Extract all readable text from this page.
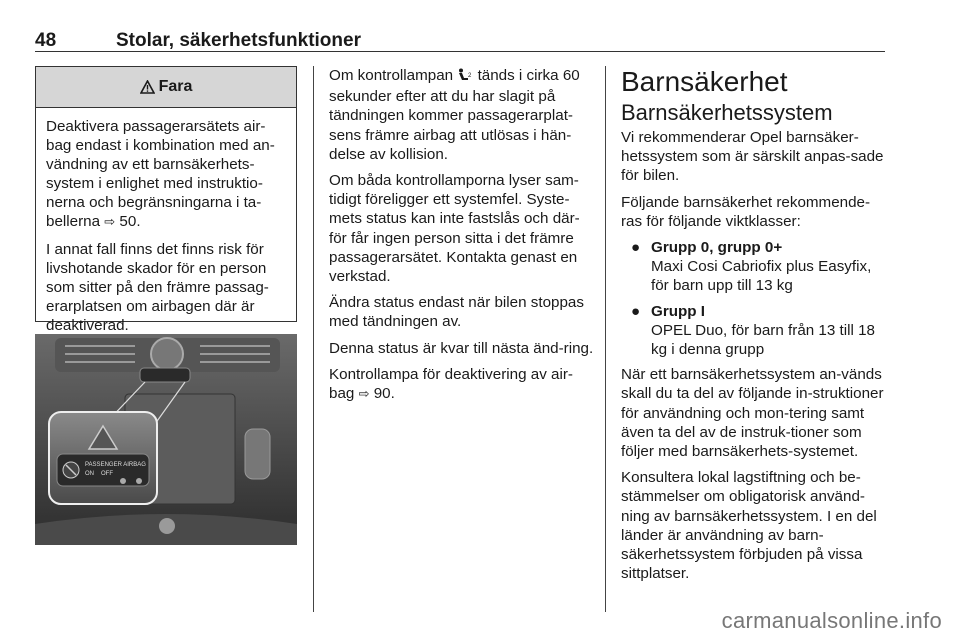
48	Stolar, säkerhetsfunktioner
Fara

Deaktivera passagerarsätets air-bag endast i kombination med an-vändning av ett barnsäkerhets-system i enlighet med instruktio-nerna och begränsningarna i ta-bellerna ⇨ 50.

I annat fall finns det finns risk för livshotande skador för en person som sitter på den främre passag-erarplatsen om airbagen där är deaktiverad.

PASSENGER AIRBAG
ON OFF

Om kontrollampan	2 tänds i cirka 60 sekunder efter att du har slagit på tändningen kommer passagerarplat-sens främre airbag att utlösas i hän-delse av kollision.

Om båda kontrollamporna lyser sam-tidigt föreligger ett systemfel. Syste-mets status kan inte fastslås och där-för får ingen person sitta i det främre passagerarsätet. Kontakta genast en verkstad.

Ändra status endast när bilen stoppas med tändningen av.

Denna status är kvar till nästa änd-ring.

Kontrollampa för deaktivering av air-bag ⇨ 90.

Barnsäkerhet
Barnsäkerhetssystem

Vi rekommenderar Opel barnsäker-hetssystem som är särskilt anpas-sade för bilen.

Följande barnsäkerhet rekommende-ras för följande viktklasser:

● Grupp 0, grupp 0+
Maxi Cosi Cabriofix plus Easyfix, för barn upp till 13 kg
● Grupp I
OPEL Duo, för barn från 13 till 18 kg i denna grupp

När ett barnsäkerhetssystem an-vänds skall du ta del av följande in-struktioner för användning och mon-tering samt även ta del av de instruk-tioner som följer med barnsäkerhets-systemet.

Konsultera lokal lagstiftning och be-stämmelser om obligatorisk använd-ning av barnsäkerhetssystem. I en del länder är användning av barn-säkerhetssystem förbjuden på vissa sittplatser.

carmanualsonline.info
